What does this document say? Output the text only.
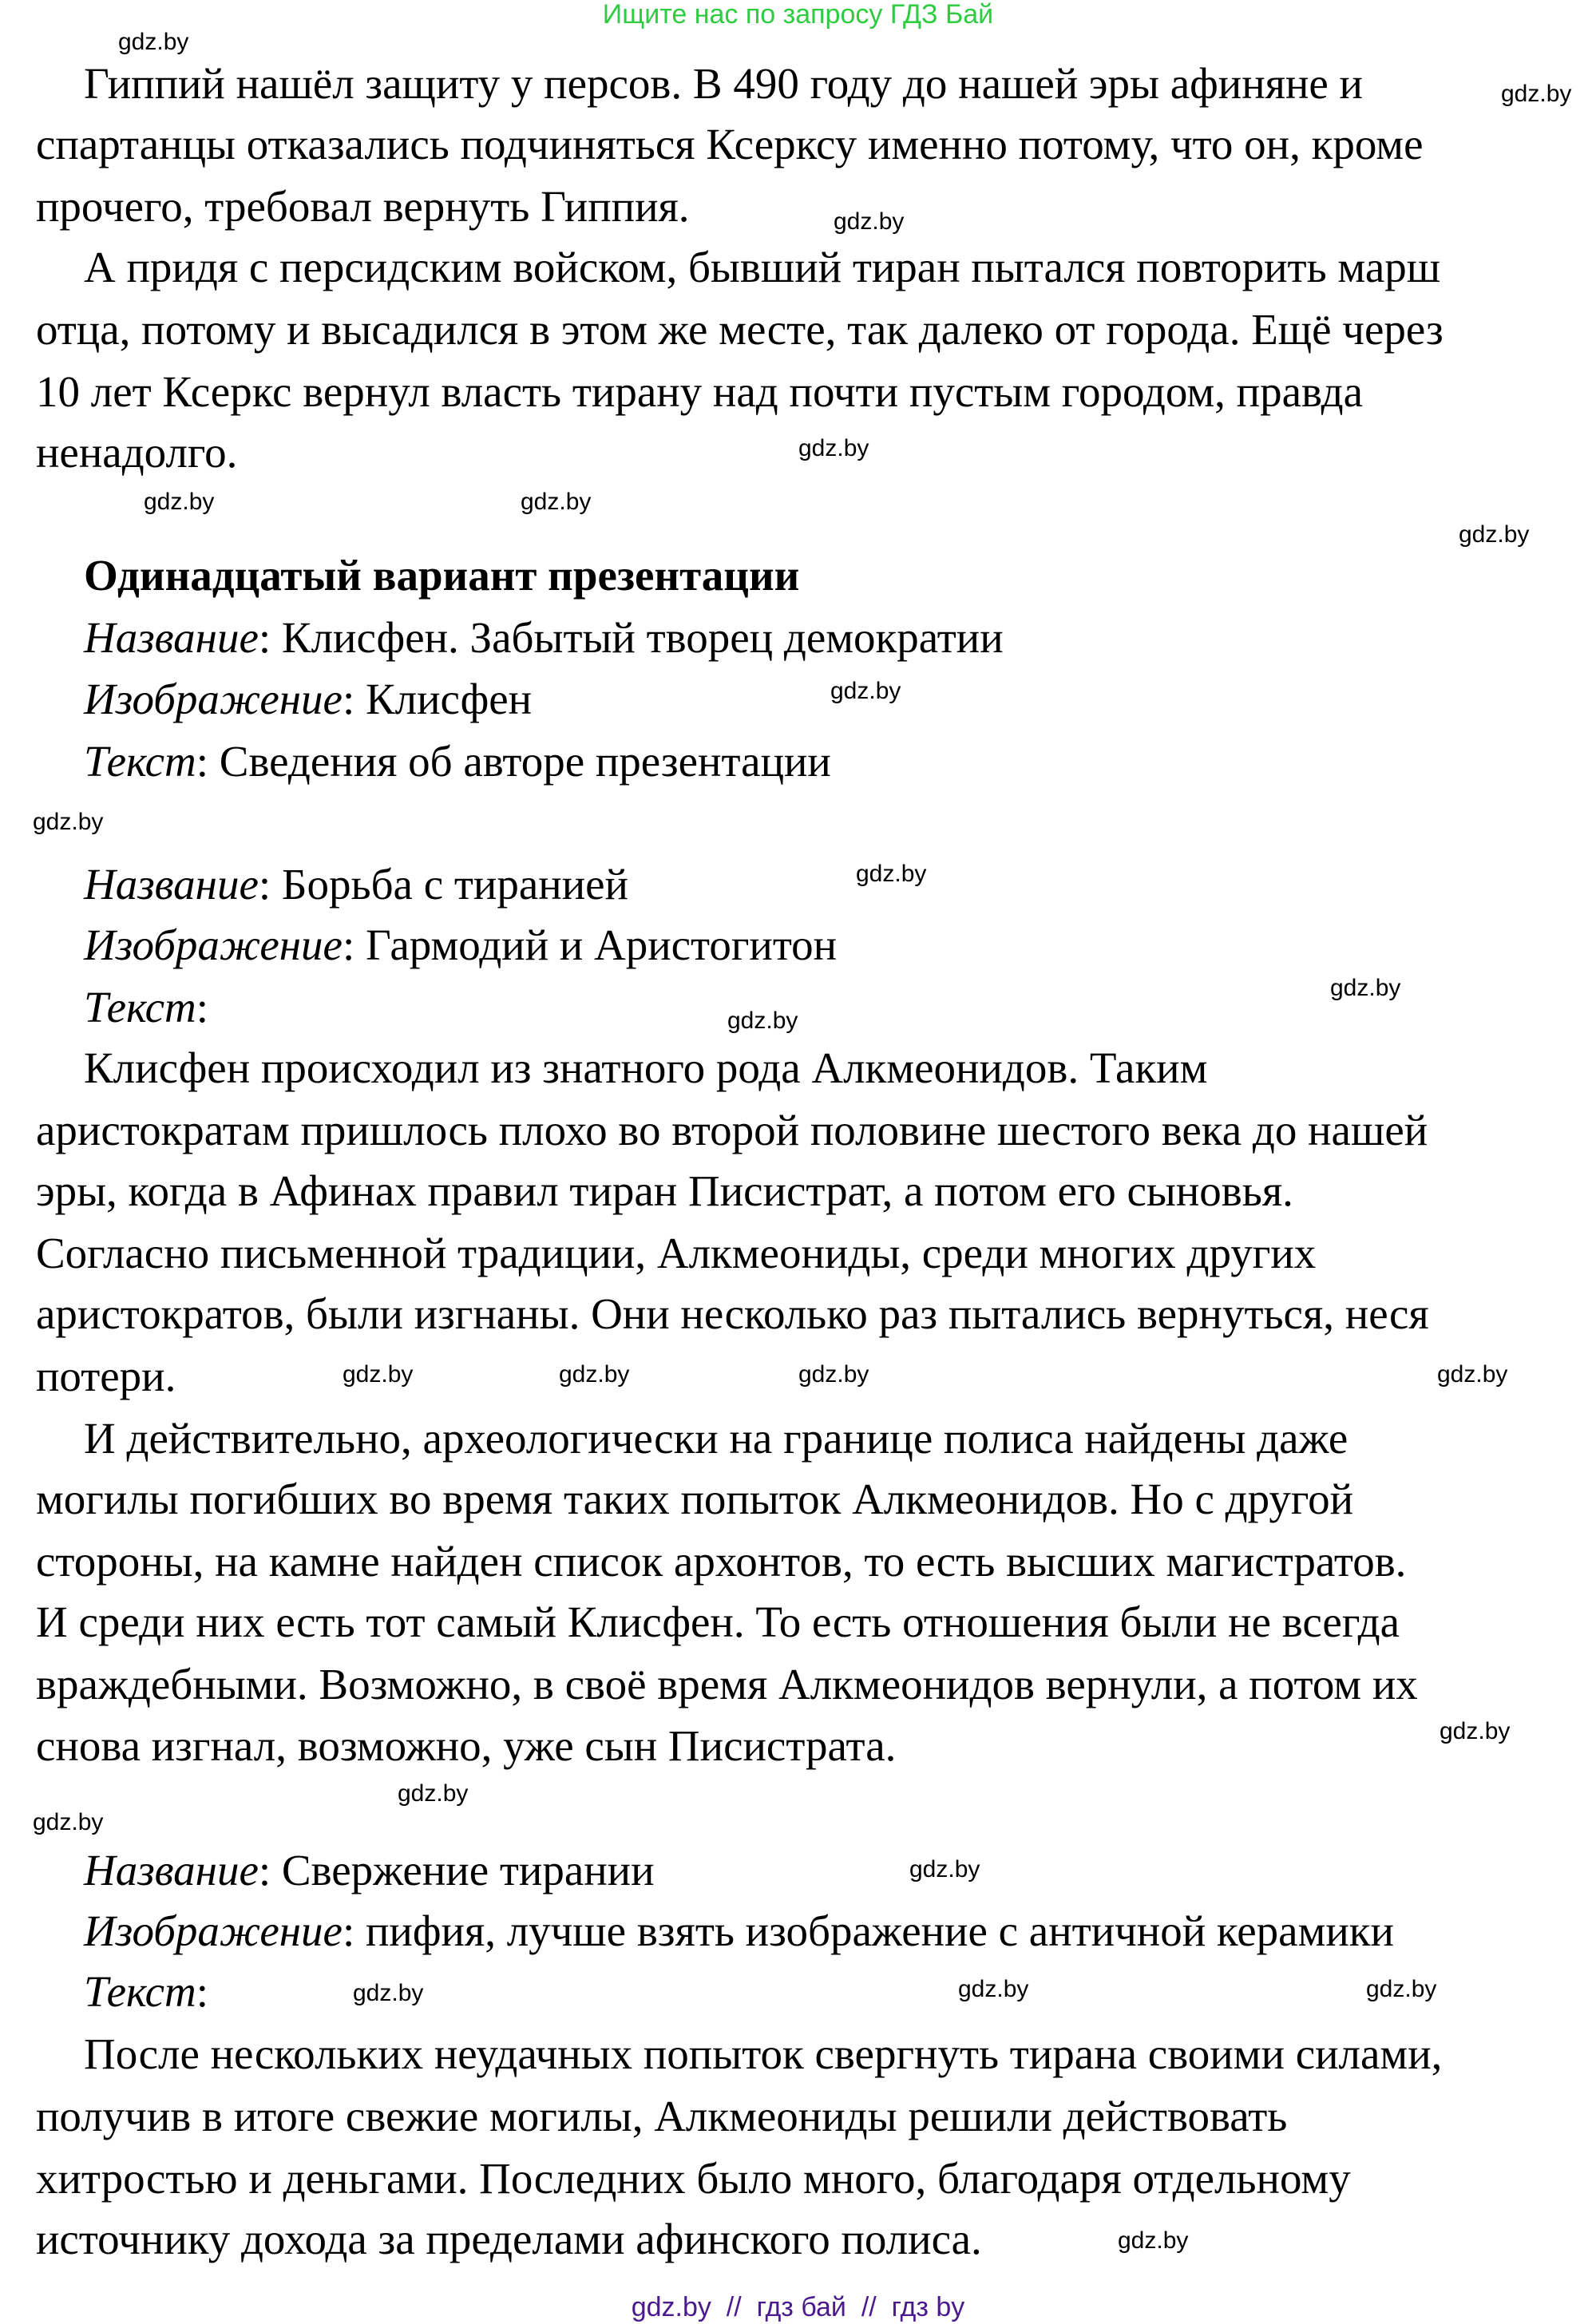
Ищите нас по запросу ГДЗ Бай
Гиппий нашёл защиту у персов. В 490 году до нашей эры афиняне и
спартанцы отказались подчиняться Ксерксу именно потому, что он, кроме
прочего, требовал вернуть Гиппия.
А придя с персидским войском, бывший тиран пытался повторить марш
отца, потому и высадился в этом же месте, так далеко от города. Ещё через
10 лет Ксеркс вернул власть тирану над почти пустым городом, правда
ненадолго.
Одинадцатый вариант презентации
Название: Клисфен. Забытый творец демократии
Изображение: Клисфен
Текст: Сведения об авторе презентации
Название: Борьба с тиранией
Изображение: Гармодий и Аристогитон
Текст:
Клисфен происходил из знатного рода Алкмеонидов. Таким
аристократам пришлось плохо во второй половине шестого века до нашей
эры, когда в Афинах правил тиран Писистрат, а потом его сыновья.
Согласно письменной традиции, Алкмеониды, среди многих других
аристократов, были изгнаны. Они несколько раз пытались вернуться, неся
потери.
И действительно, археологически на границе полиса найдены даже
могилы погибших во время таких попыток Алкмеонидов. Но с другой
стороны, на камне найден список архонтов, то есть высших магистратов.
И среди них есть тот самый Клисфен. То есть отношения были не всегда
враждебными. Возможно, в своё время Алкмеонидов вернули, а потом их
снова изгнал, возможно, уже сын Писистрата.
Название: Свержение тирании
Изображение: пифия, лучше взять изображение с античной керамики
Текст:
После нескольких неудачных попыток свергнуть тирана своими силами,
получив в итоге свежие могилы, Алкмеониды решили действовать
хитростью и деньгами. Последних было много, благодаря отдельному
источнику дохода за пределами афинского полиса.
gdz.by
gdz.by
gdz.by
gdz.by
gdz.by
gdz.by
gdz.by
gdz.by
gdz.by
gdz.by
gdz.by
gdz.by
gdz.by	gdz.by
gdz.by	gdz.by
gdz.by
gdz.by
gdz.by
gdz.by
gdz.by
gdz.by	gdz.by
gdz.by
gdz.by  //  гдз бай  //  гдз by
